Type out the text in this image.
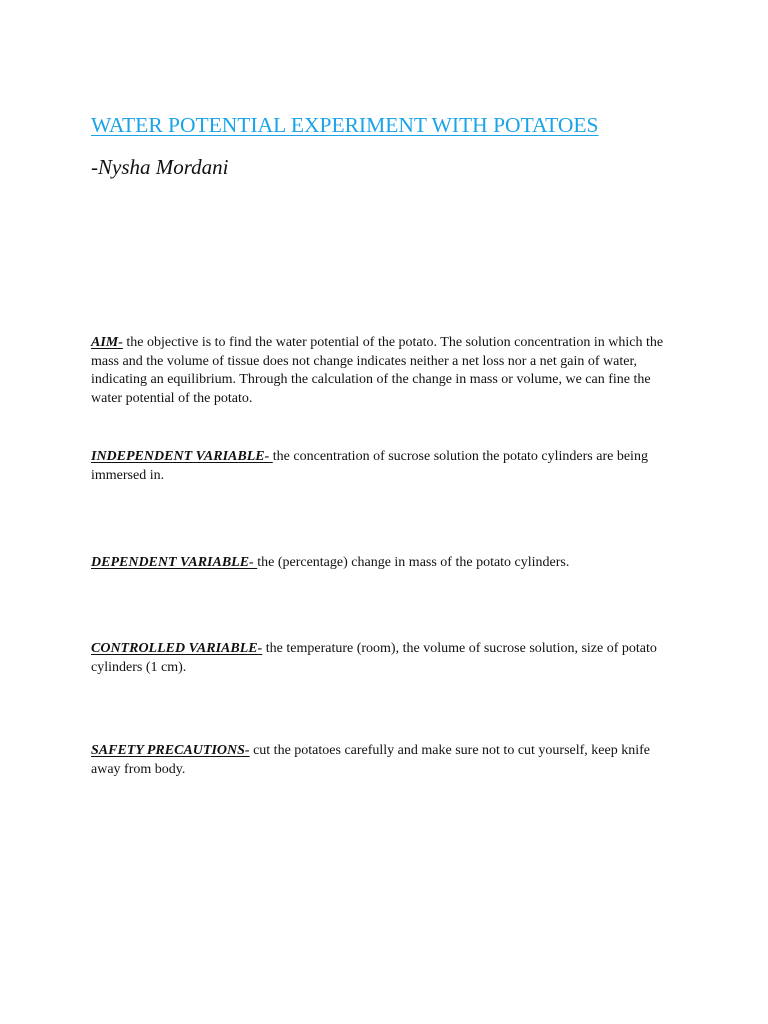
WATER POTENTIAL EXPERIMENT WITH POTATOES

-Nysha Mordani

AIM- the objective is to find the water potential of the potato. The solution concentration in which the mass and the volume of tissue does not change indicates neither a net loss nor a net gain of water, indicating an equilibrium. Through the calculation of the change in mass or volume, we can fine the water potential of the potato.

INDEPENDENT VARIABLE- the concentration of sucrose solution the potato cylinders are being immersed in.

DEPENDENT VARIABLE- the (percentage) change in mass of the potato cylinders.

CONTROLLED VARIABLE- the temperature (room), the volume of sucrose solution, size of potato cylinders (1 cm).

SAFETY PRECAUTIONS- cut the potatoes carefully and make sure not to cut yourself, keep knife away from body.
